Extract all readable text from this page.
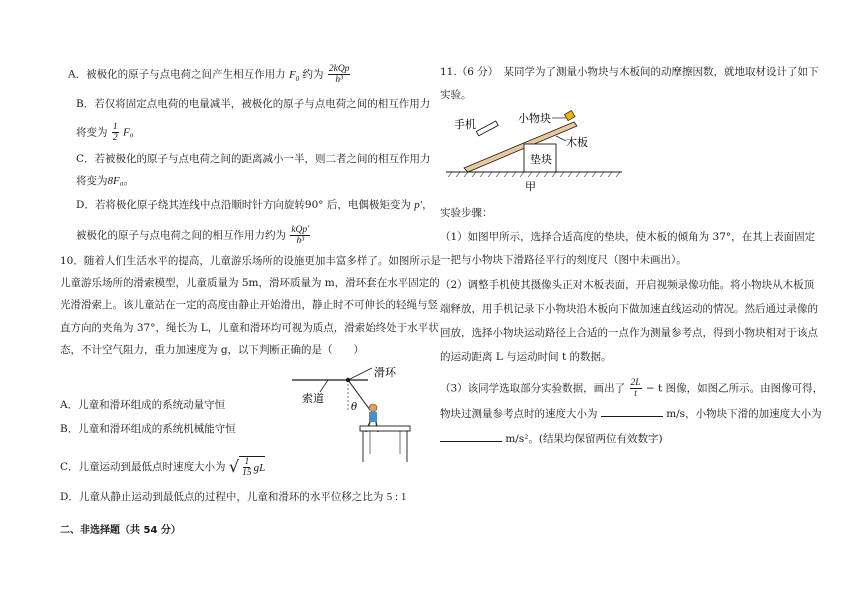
A．被极化的原子与点电荷之间产生相互作用力 $F_0$ 约为 $\frac{\text{2kQp}}{\text{h³}}$
B．若仅将固定点电荷的电量减半，被极化的原子与点电荷之间的相互作用力
将变为 $\frac{1}{2} F_0$
C．若被极化的原子与点电荷之间的距离减小一半，则二者之间的相互作用力
将变为8F₀。
D．若将极化原子绕其连线中点沿顺时针方向旋转90° 后，电偶极矩变为 p′，
被极化的原子与点电荷之间的相互作用力约为 $\frac{\text{kQp′}}{\text{h³}}$
10．随着人们生活水平的提高，儿童游乐场所的设施更加丰富多样了。如图所示是
儿童游乐场所的滑索模型，儿童质量为 5m，滑环质量为 m，滑环套在水平固定的
光滑滑索上。该儿童站在一定的高度由静止开始滑出，静止时不可伸长的轻绳与竖
直方向的夹角为 37°，绳长为 L，儿童和滑环均可视为质点，滑索始终处于水平状
态，不计空气阻力，重力加速度为 g，以下判断正确的是（　　）
滑环
索道
θ
A．儿童和滑环组成的系统动量守恒
B．儿童和滑环组成的系统机械能守恒
C．儿童运动到最低点时速度大小为 √ $\frac{1}{15}$ gL
D．儿童从静止运动到最低点的过程中，儿童和滑环的水平位移之比为 5 : 1
二、非选择题（共 54 分）
11.（6 分）　某同学为了测量小物块与木板间的动摩擦因数，就地取材设计了如下
实验。
手机	小物块
木板
垫块
甲
实验步骤：
（1）如图甲所示，选择合适高度的垫块，使木板的倾角为 37°，在其上表面固定
一把与小物块下滑路径平行的刻度尺（图中未画出）。
（2）调整手机使其摄像头正对木板表面，开启视频录像功能。将小物块从木板顶
端释放，用手机记录下小物块沿木板向下做加速直线运动的情况。然后通过录像的
回放，选择小物块运动路径上合适的一点作为测量参考点，得到小物块相对于该点
的运动距离 L 与运动时间 t 的数据。
（3）该同学选取部分实验数据，画出了 $\frac{2L}{t} - t$ 图像，如图乙所示。由图像可得，
物块过测量参考点时的速度大小为	m/s，小物块下滑的加速度大小为
m/s²。(结果均保留两位有效数字)
